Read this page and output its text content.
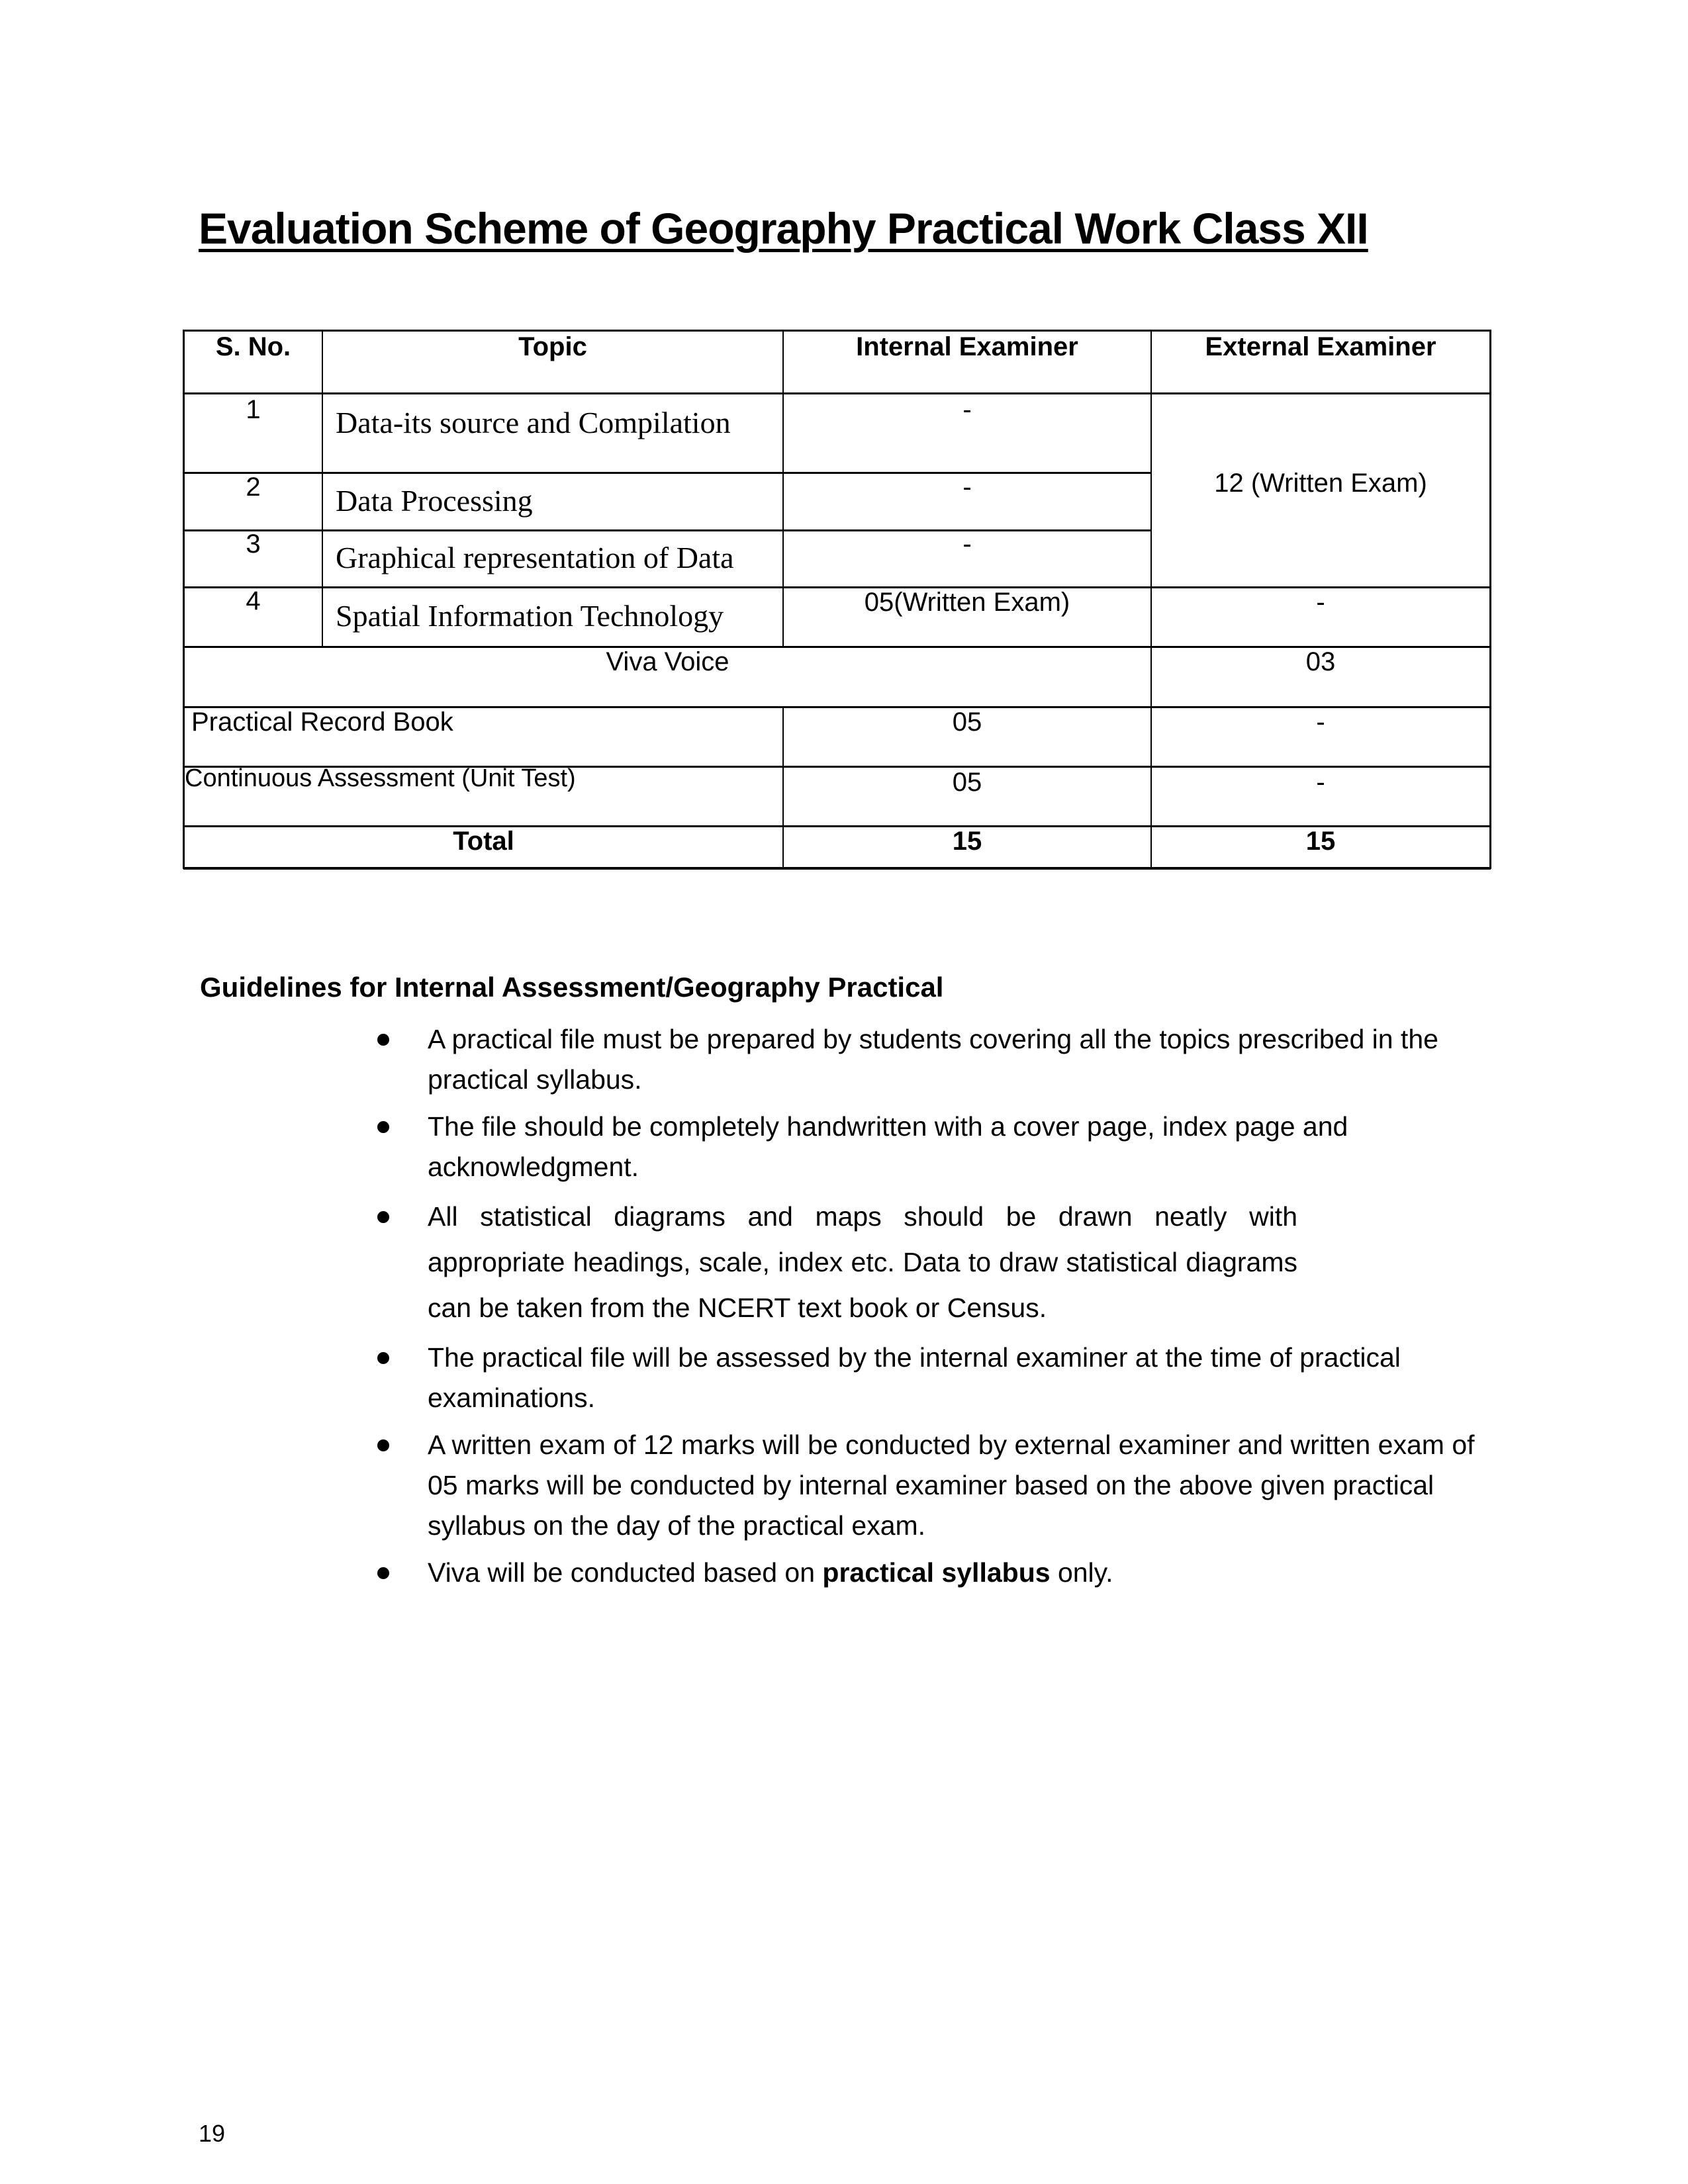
Evaluation Scheme of Geography Practical Work Class XII
S. No.	Topic	Internal Examiner	External Examiner
1	Data-its source and Compilation	-
2	Data Processing	-	12 (Written Exam)
3	Graphical representation of Data	-
4	Spatial Information Technology	05(Written Exam)	-
Viva Voice	03
Practical Record Book	05	-
Continuous Assessment (Unit Test)	05	-
Total	15	15
Guidelines for Internal Assessment/Geography Practical
A practical file must be prepared by students covering all the topics prescribed in the practical syllabus.
The file should be completely handwritten with a cover page, index page and acknowledgment.
All statistical diagrams and maps should be drawn neatly with appropriate headings, scale, index etc. Data to draw statistical diagrams can be taken from the NCERT text book or Census.
The practical file will be assessed by the internal examiner at the time of practical examinations.
A written exam of 12 marks will be conducted by external examiner and written exam of 05 marks will be conducted by internal examiner based on the above given practical syllabus on the day of the practical exam.
Viva will be conducted based on practical syllabus only.
19
